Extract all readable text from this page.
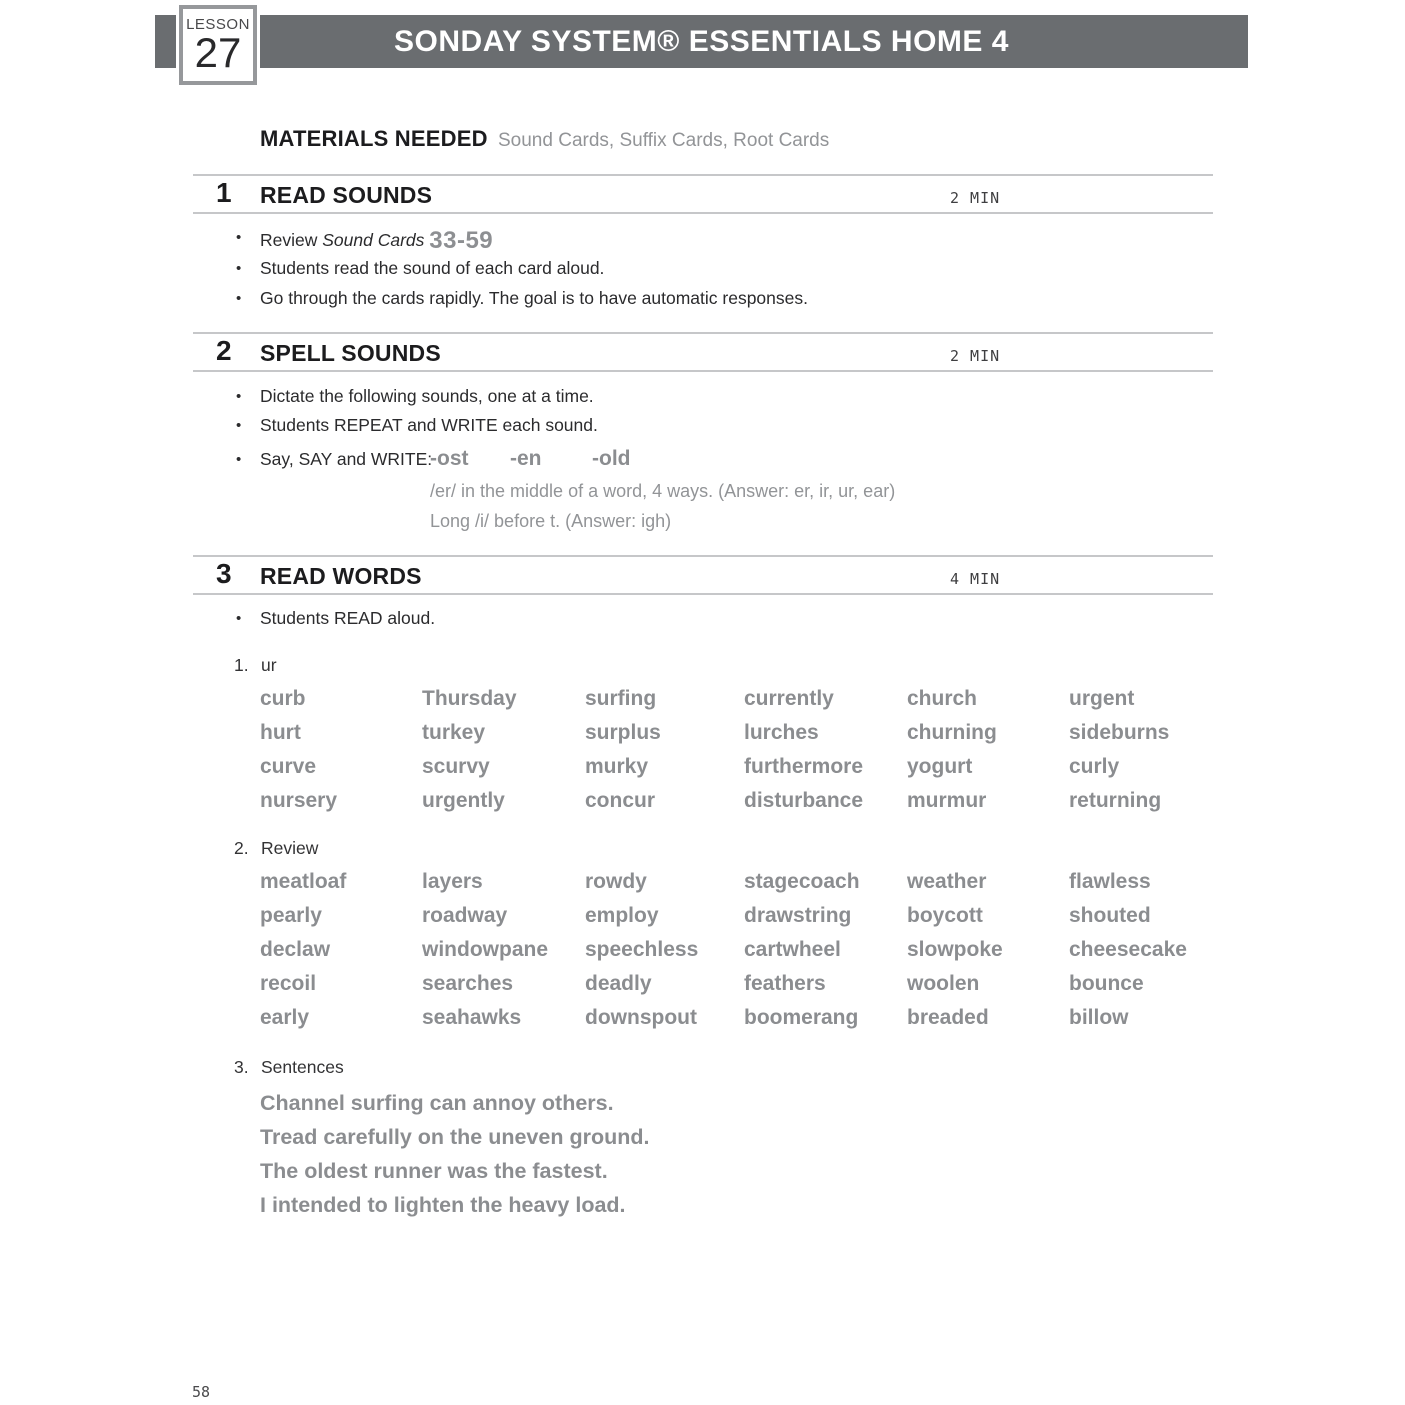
SONDAY SYSTEM® ESSENTIALS HOME 4
LESSON
27
MATERIALS NEEDED Sound Cards, Suffix Cards, Root Cards
1 READ SOUNDS	2 MIN
• Review Sound Cards 33-59
• Students read the sound of each card aloud.
• Go through the cards rapidly. The goal is to have automatic responses.
2 SPELL SOUNDS	2 MIN
• Dictate the following sounds, one at a time.
• Students REPEAT and WRITE each sound.
• Say, SAY and WRITE:
-ost -en -old
/er/ in the middle of a word, 4 ways. (Answer: er, ir, ur, ear)
Long /i/ before t. (Answer: igh)
3 READ WORDS	4 MIN
• Students READ aloud.
1. ur
curb	Thursday	surfing	currently	church	urgent
hurt	turkey	surplus	lurches	churning	sideburns
curve	scurvy	murky	furthermore	yogurt	curly
nursery	urgently	concur	disturbance	murmur	returning
2. Review
meatloaf	layers	rowdy	stagecoach	weather	flawless
pearly	roadway	employ	drawstring	boycott	shouted
declaw	windowpane	speechless	cartwheel	slowpoke	cheesecake
recoil	searches	deadly	feathers	woolen	bounce
early	seahawks	downspout	boomerang	breaded	billow
3. Sentences
Channel surfing can annoy others.
Tread carefully on the uneven ground.
The oldest runner was the fastest.
I intended to lighten the heavy load.
58
